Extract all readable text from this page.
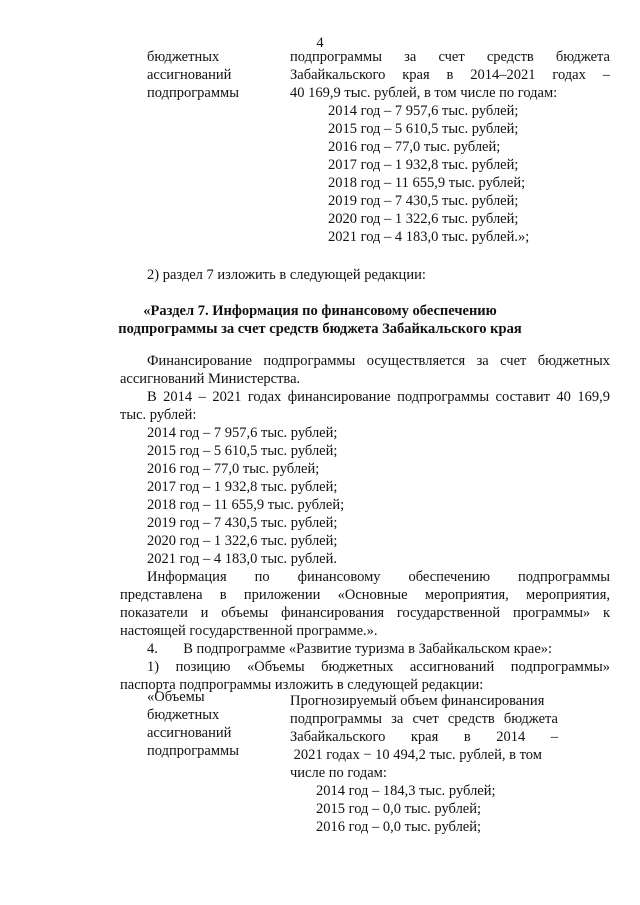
4
бюджетных
ассигнований
подпрограммы
подпрограммы за счет средств бюджета
Забайкальского края в 2014–2021 годах –
40 169,9 тыс. рублей, в том числе по годам:
2014 год – 7 957,6 тыс. рублей;
2015 год – 5 610,5 тыс. рублей;
2016 год – 77,0 тыс. рублей;
2017 год – 1 932,8 тыс. рублей;
2018 год – 11 655,9 тыс. рублей;
2019 год – 7 430,5 тыс. рублей;
2020 год – 1 322,6 тыс. рублей;
2021 год – 4 183,0 тыс. рублей.»;
2) раздел 7 изложить в следующей редакции:
«Раздел 7. Информация по финансовому обеспечению
подпрограммы за счет средств бюджета Забайкальского края
Финансирование подпрограммы осуществляется за счет бюджетных
ассигнований Министерства.
В 2014 – 2021 годах финансирование подпрограммы составит 40 169,9
тыс. рублей:
2014 год – 7 957,6 тыс. рублей;
2015 год – 5 610,5 тыс. рублей;
2016 год – 77,0 тыс. рублей;
2017 год – 1 932,8 тыс. рублей;
2018 год – 11 655,9 тыс. рублей;
2019 год – 7 430,5 тыс. рублей;
2020 год – 1 322,6 тыс. рублей;
2021 год – 4 183,0 тыс. рублей.
Информация по финансовому обеспечению подпрограммы
представлена в приложении «Основные мероприятия, мероприятия,
показатели и объемы финансирования государственной программы» к
настоящей государственной программе.».
4.       В подпрограмме «Развитие туризма в Забайкальском крае»:
1) позицию «Объемы бюджетных ассигнований подпрограммы»
паспорта подпрограммы изложить в следующей редакции:
«Объемы
бюджетных
ассигнований
подпрограммы
Прогнозируемый объем финансирования
подпрограммы за счет средств бюджета
Забайкальского края в 2014 –
2021 годах − 10 494,2 тыс. рублей, в том
числе по годам:
2014 год – 184,3 тыс. рублей;
2015 год – 0,0 тыс. рублей;
2016 год – 0,0 тыс. рублей;
